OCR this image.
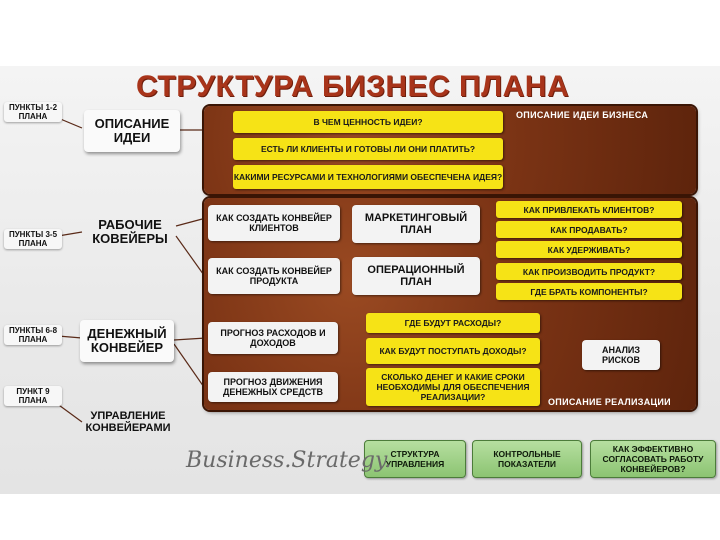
СТРУКТУРА БИЗНЕС ПЛАНА
ПУНКТЫ 1-2 ПЛАНА
ПУНКТЫ 3-5 ПЛАНА
ПУНКТЫ 6-8 ПЛАНА
ПУНКТ 9 ПЛАНА
ОПИСАНИЕ ИДЕИ
РАБОЧИЕ КОВЕЙЕРЫ
ДЕНЕЖНЫЙ КОНВЕЙЕР
УПРАВЛЕНИЕ КОНВЕЙЕРАМИ
ОПИСАНИЕ ИДЕИ БИЗНЕСА
В ЧЕМ ЦЕННОСТЬ ИДЕИ?
ЕСТЬ ЛИ КЛИЕНТЫ И ГОТОВЫ ЛИ ОНИ ПЛАТИТЬ?
КАКИМИ РЕСУРСАМИ И ТЕХНОЛОГИЯМИ ОБЕСПЕЧЕНА ИДЕЯ?
ОПИСАНИЕ РЕАЛИЗАЦИИ
КАК СОЗДАТЬ КОНВЕЙЕР КЛИЕНТОВ
КАК СОЗДАТЬ КОНВЕЙЕР ПРОДУКТА
МАРКЕТИНГОВЫЙ ПЛАН
ОПЕРАЦИОННЫЙ ПЛАН
КАК ПРИВЛЕКАТЬ КЛИЕНТОВ?
КАК ПРОДАВАТЬ?
КАК УДЕРЖИВАТЬ?
КАК ПРОИЗВОДИТЬ ПРОДУКТ?
ГДЕ БРАТЬ КОМПОНЕНТЫ?
ПРОГНОЗ РАСХОДОВ И ДОХОДОВ
ПРОГНОЗ ДВИЖЕНИЯ ДЕНЕЖНЫХ СРЕДСТВ
ГДЕ БУДУТ РАСХОДЫ?
КАК БУДУТ ПОСТУПАТЬ ДОХОДЫ?
СКОЛЬКО ДЕНЕГ И КАКИЕ СРОКИ НЕОБХОДИМЫ ДЛЯ ОБЕСПЕЧЕНИЯ РЕАЛИЗАЦИИ?
АНАЛИЗ РИСКОВ
СТРУКТУРА УПРАВЛЕНИЯ
КОНТРОЛЬНЫЕ ПОКАЗАТЕЛИ
КАК ЭФФЕКТИВНО СОГЛАСОВАТЬ РАБОТУ КОНВЕЙЕРОВ?
Business.Strategy.
